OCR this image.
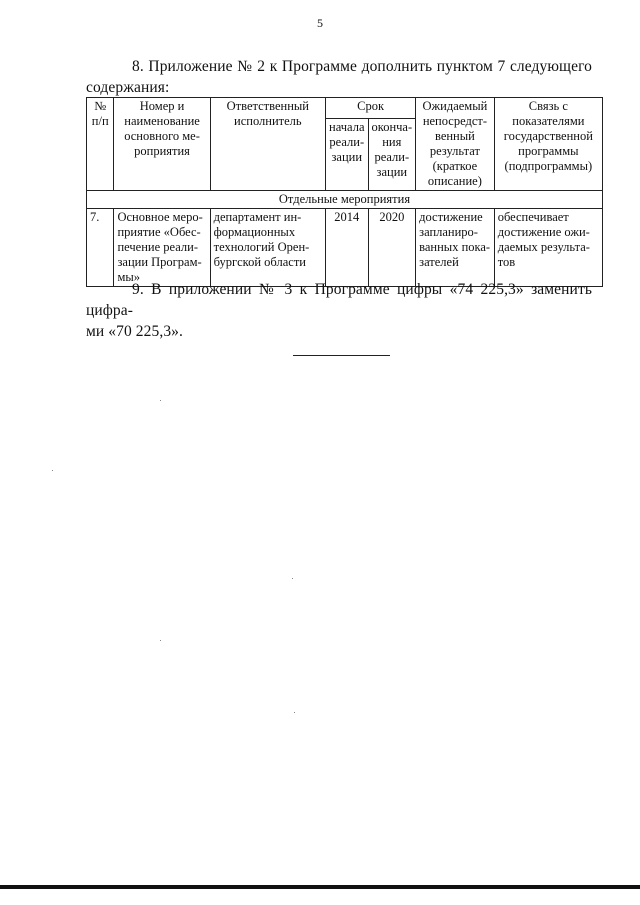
5
8. Приложение № 2 к Программе дополнить пунктом 7 следующего
содержания:
№ п/п	Номер и наименование основного ме-роприятия	Ответственный исполнитель	Срок		Ожидаемый непосредст-венный результат (краткое описание)	Связь с показателями государственной программы (подпрограммы)
			начала реали-зации	оконча-ния реали-зации		
Отдельные мероприятия						
7.	Основное меро-приятие «Обес-печение реали-зации Програм-мы»	департамент ин-формационных технологий Орен-бургской области	2014	2020	достижение заплaниро-ванных пока-зателей	обеспечивает достижение ожи-даемых результа-тов
9. В приложении № 3 к Программе цифры «74 225,3» заменить цифра-
ми «70 225,3».
